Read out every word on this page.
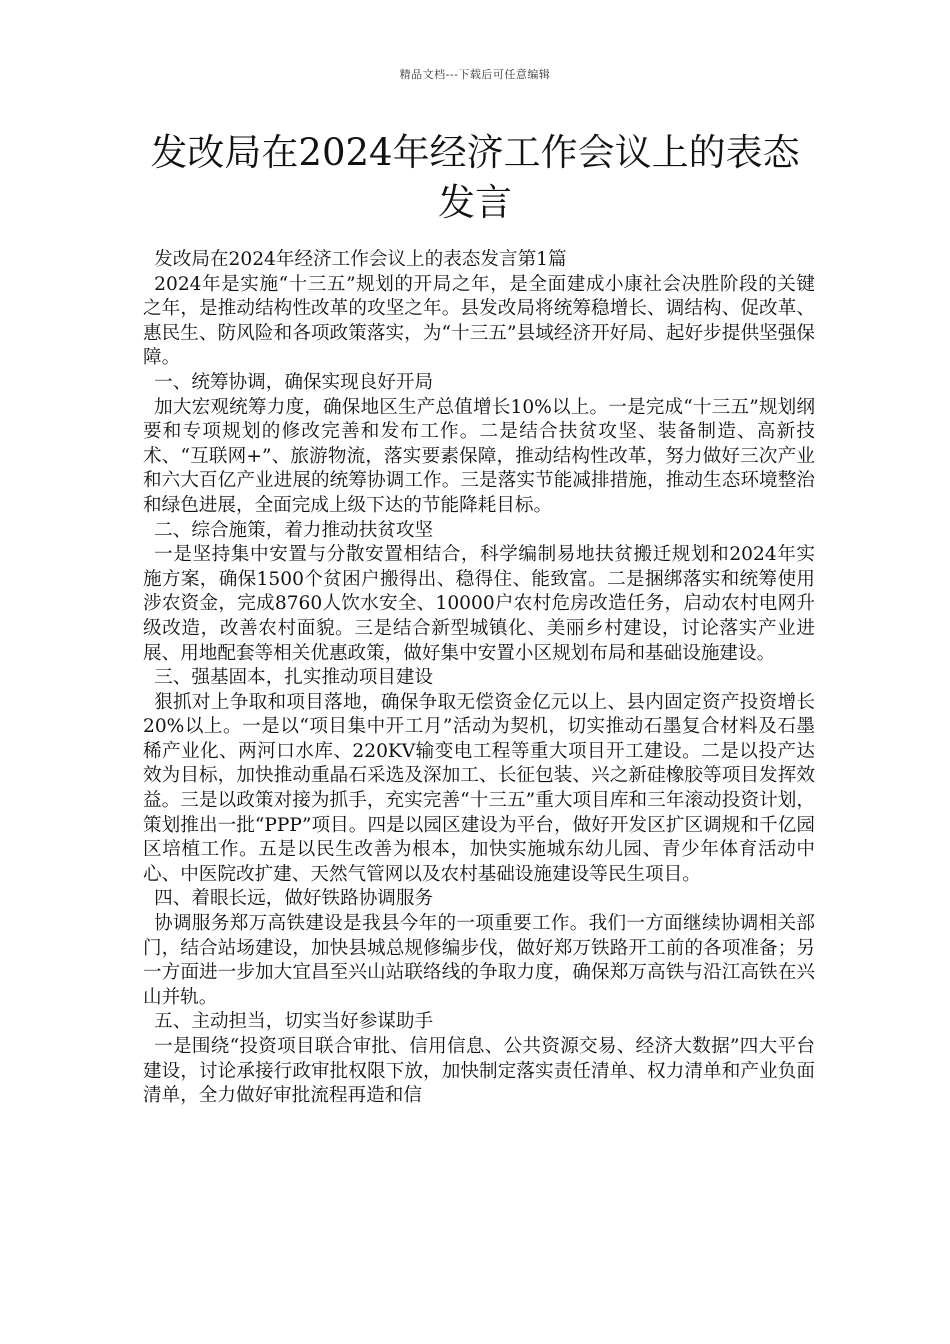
精品文档---下载后可任意编辑
发改局在2024年经济工作会议上的表态发言

发改局在2024年经济工作会议上的表态发言第1篇

2024年是实施“十三五”规划的开局之年，是全面建成小康社会决胜阶段的关键之年，是推动结构性改革的攻坚之年。县发改局将统筹稳增长、调结构、促改革、惠民生、防风险和各项政策落实，为“十三五”县域经济开好局、起好步提供坚强保障。

一、统筹协调，确保实现良好开局

加大宏观统筹力度，确保地区生产总值增长10%以上。一是完成“十三五”规划纲要和专项规划的修改完善和发布工作。二是结合扶贫攻坚、装备制造、高新技术、“互联网+”、旅游物流，落实要素保障，推动结构性改革，努力做好三次产业和六大百亿产业进展的统筹协调工作。三是落实节能减排措施，推动生态环境整治和绿色进展，全面完成上级下达的节能降耗目标。

二、综合施策，着力推动扶贫攻坚

一是坚持集中安置与分散安置相结合，科学编制易地扶贫搬迁规划和2024年实施方案，确保1500个贫困户搬得出、稳得住、能致富。二是捆绑落实和统筹使用涉农资金，完成8760人饮水安全、10000户农村危房改造任务，启动农村电网升级改造，改善农村面貌。三是结合新型城镇化、美丽乡村建设，讨论落实产业进展、用地配套等相关优惠政策，做好集中安置小区规划布局和基础设施建设。

三、强基固本，扎实推动项目建设

狠抓对上争取和项目落地，确保争取无偿资金亿元以上、县内固定资产投资增长20%以上。一是以“项目集中开工月”活动为契机，切实推动石墨复合材料及石墨稀产业化、两河口水库、220KV输变电工程等重大项目开工建设。二是以投产达效为目标，加快推动重晶石采选及深加工、长征包装、兴之新硅橡胶等项目发挥效益。三是以政策对接为抓手，充实完善“十三五”重大项目库和三年滚动投资计划，策划推出一批“PPP”项目。四是以园区建设为平台，做好开发区扩区调规和千亿园区培植工作。五是以民生改善为根本，加快实施城东幼儿园、青少年体育活动中心、中医院改扩建、天然气管网以及农村基础设施建设等民生项目。

四、着眼长远，做好铁路协调服务

协调服务郑万高铁建设是我县今年的一项重要工作。我们一方面继续协调相关部门，结合站场建设，加快县城总规修编步伐，做好郑万铁路开工前的各项准备；另一方面进一步加大宜昌至兴山站联络线的争取力度，确保郑万高铁与沿江高铁在兴山并轨。

五、主动担当，切实当好参谋助手

一是围绕“投资项目联合审批、信用信息、公共资源交易、经济大数据”四大平台建设，讨论承接行政审批权限下放，加快制定落实责任清单、权力清单和产业负面清单，全力做好审批流程再造和信
